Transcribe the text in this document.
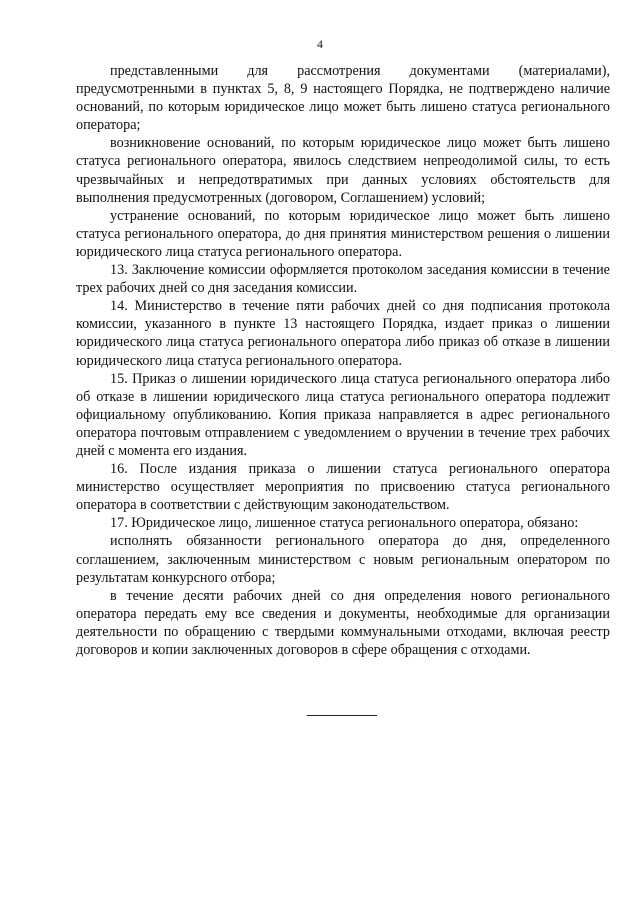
4

представленными для рассмотрения документами (материалами), предусмотренными в пунктах 5, 8, 9 настоящего Порядка, не подтверждено наличие оснований, по которым юридическое лицо может быть лишено статуса регионального оператора;

возникновение оснований, по которым юридическое лицо может быть лишено статуса регионального оператора, явилось следствием непреодолимой силы, то есть чрезвычайных и непредотвратимых при данных условиях обстоятельств для выполнения предусмотренных (договором, Соглашением) условий;

устранение оснований, по которым юридическое лицо может быть лишено статуса регионального оператора, до дня принятия министерством решения о лишении юридического лица статуса регионального оператора.

13. Заключение комиссии оформляется протоколом заседания комиссии в течение трех рабочих дней со дня заседания комиссии.

14. Министерство в течение пяти рабочих дней со дня подписания протокола комиссии, указанного в пункте 13 настоящего Порядка, издает приказ о лишении юридического лица статуса регионального оператора либо приказ об отказе в лишении юридического лица статуса регионального оператора.

15. Приказ о лишении юридического лица статуса регионального оператора либо об отказе в лишении юридического лица статуса регионального оператора подлежит официальному опубликованию. Копия приказа направляется в адрес регионального оператора почтовым отправлением с уведомлением о вручении в течение трех рабочих дней с момента его издания.

16. После издания приказа о лишении статуса регионального оператора министерство осуществляет мероприятия по присвоению статуса регионального оператора в соответствии с действующим законодательством.

17. Юридическое лицо, лишенное статуса регионального оператора, обязано:

исполнять обязанности регионального оператора до дня, определенного соглашением, заключенным министерством с новым региональным оператором по результатам конкурсного отбора;

в течение десяти рабочих дней со дня определения нового регионального оператора передать ему все сведения и документы, необходимые для организации деятельности по обращению с твердыми коммунальными отходами, включая реестр договоров и копии заключенных договоров в сфере обращения с отходами.
